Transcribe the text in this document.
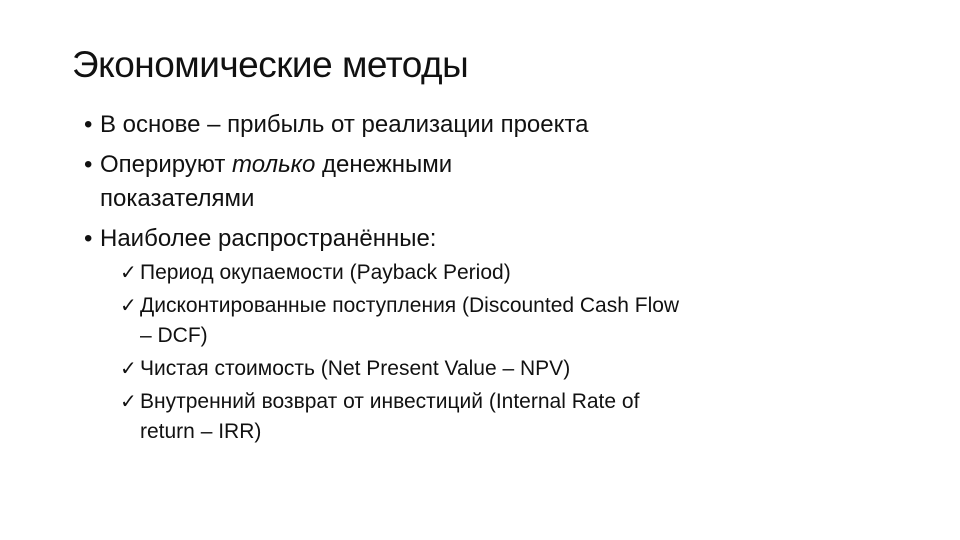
Экономические методы
• В основе – прибыль от реализации проекта
• Оперируют только денежными показателями
• Наиболее распространённые:
✓ Период окупаемости (Payback Period)
✓ Дисконтированные поступления (Discounted Cash Flow – DCF)
✓ Чистая стоимость (Net Present Value – NPV)
✓ Внутренний возврат от инвестиций (Internal Rate of return – IRR)
